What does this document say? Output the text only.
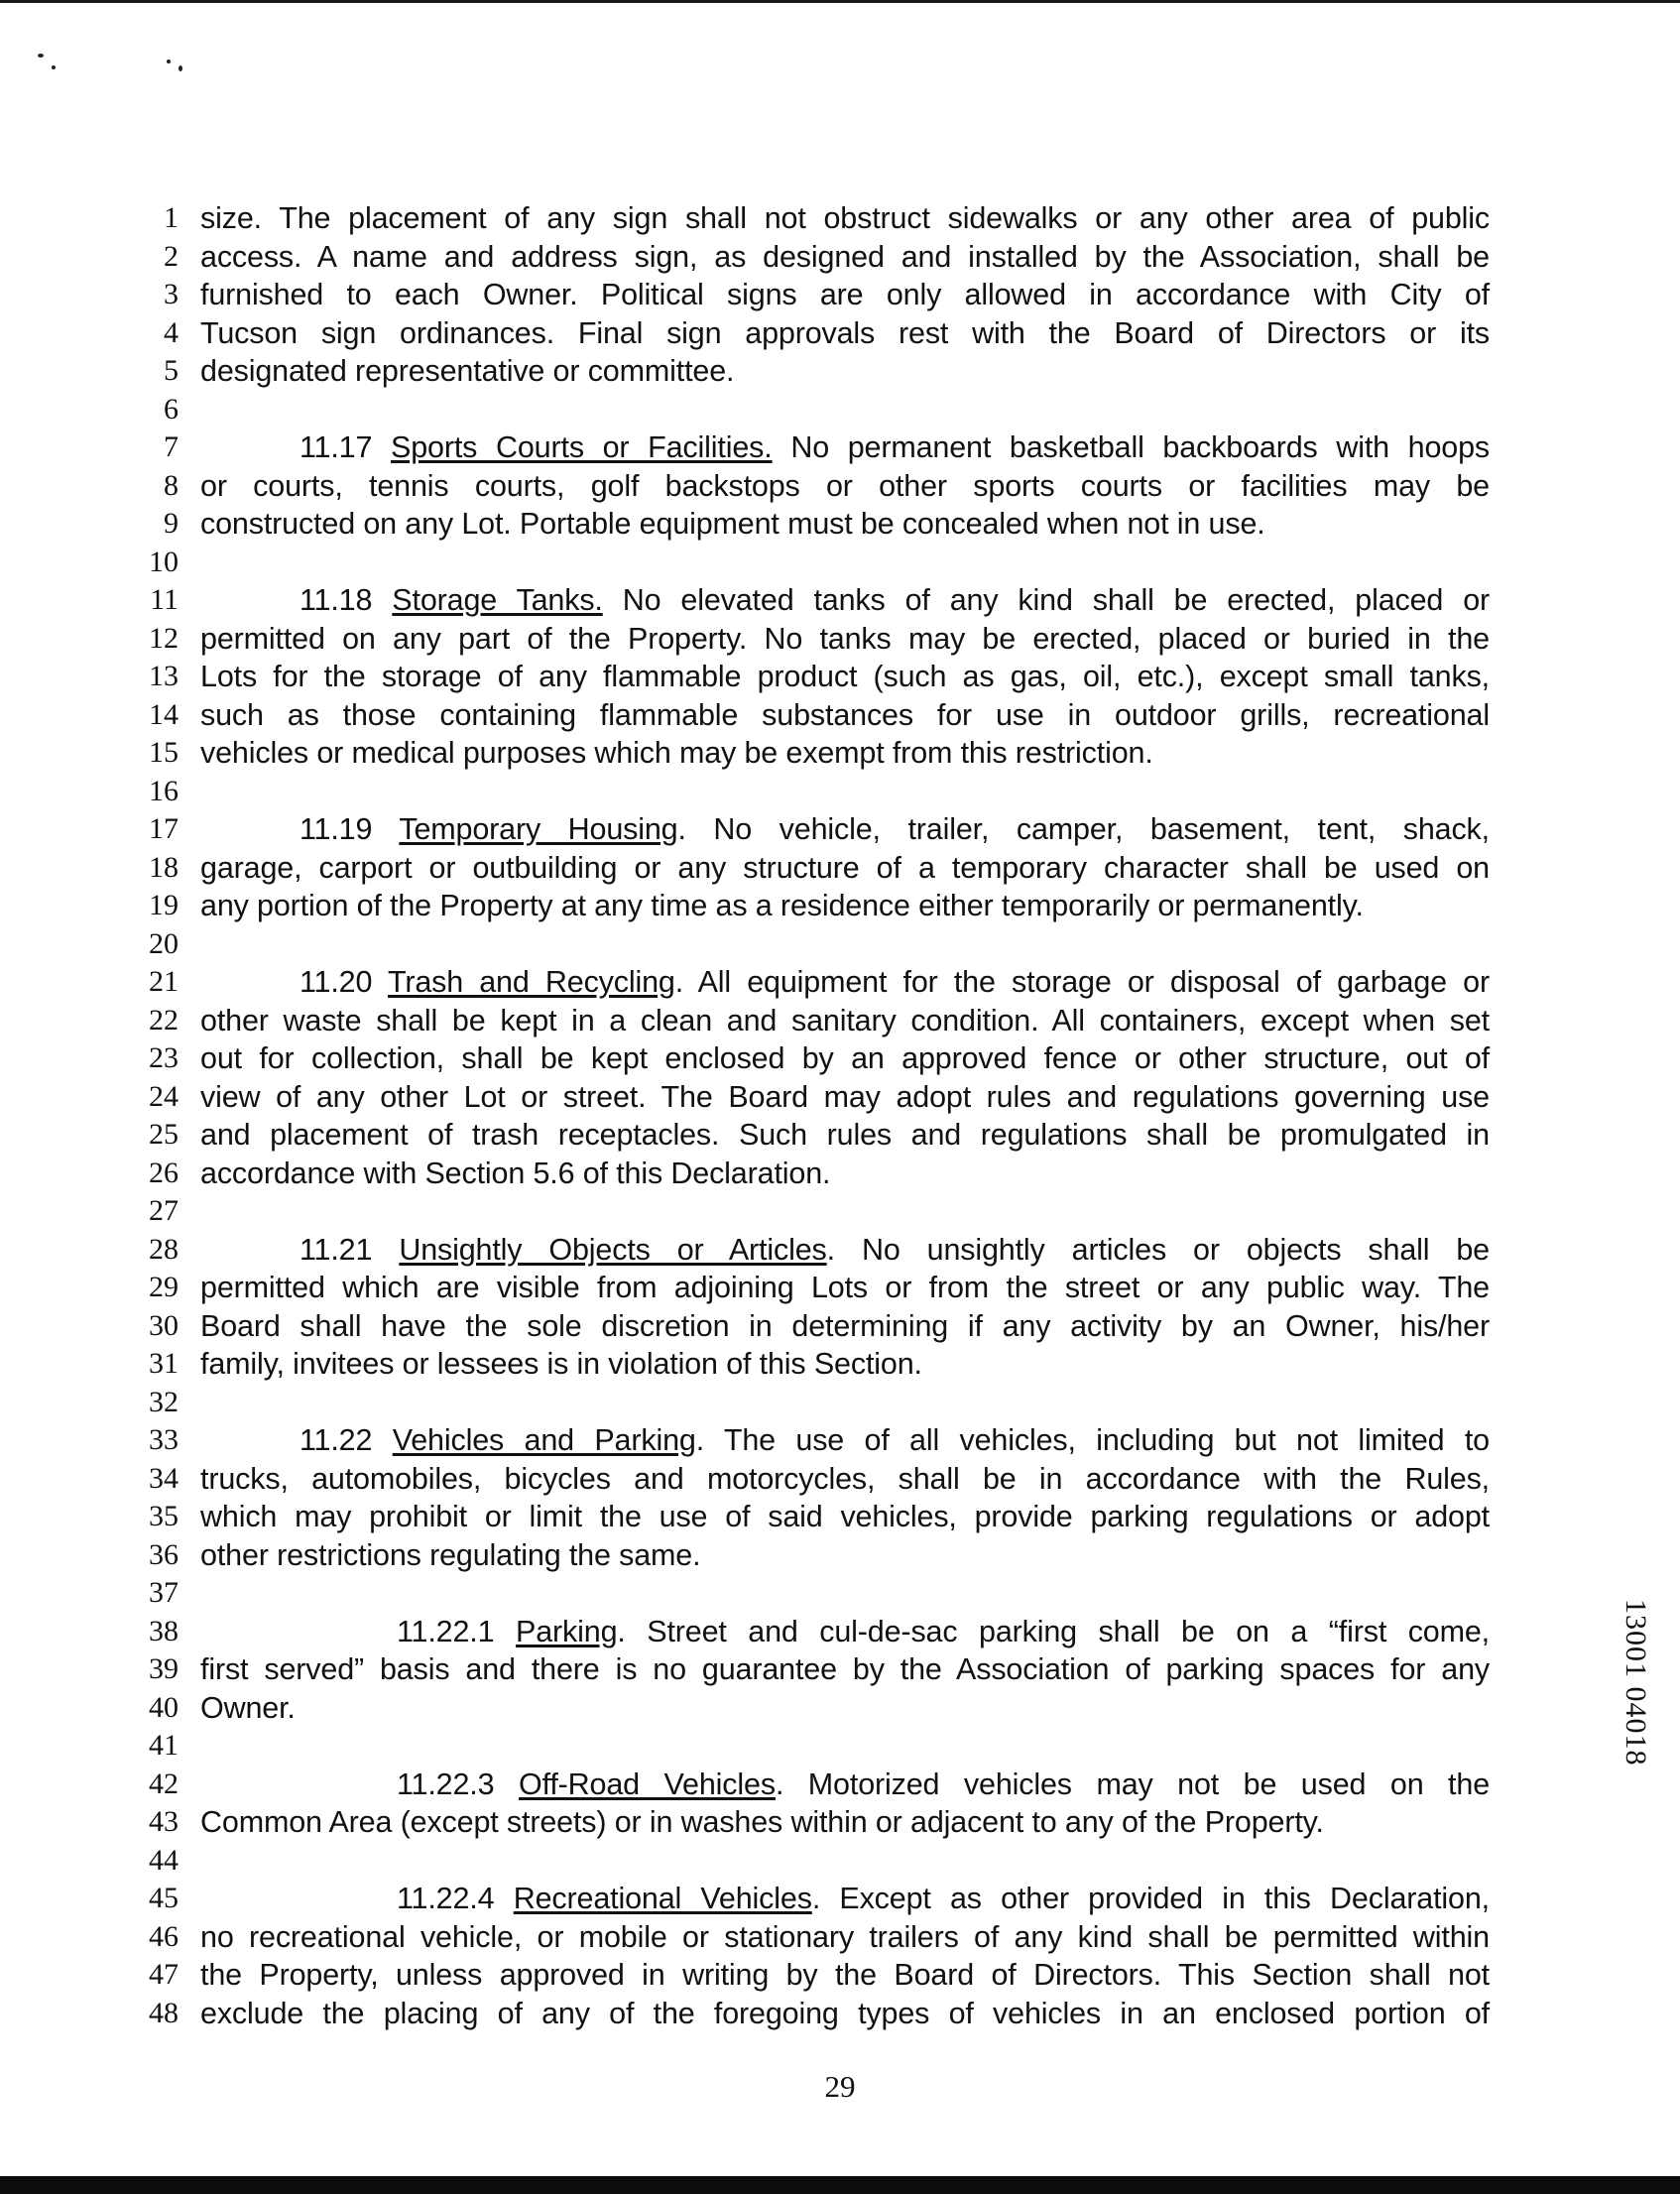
1
2
3
4
5
6
7
8
9
10
11
12
13
14
15
16
17
18
19
20
21
22
23
24
25
26
27
28
29
30
31
32
33
34
35
36
37
38
39
40
41
42
43
44
45
46
47
48
size. The placement of any sign shall not obstruct sidewalks or any other area of public
access. A name and address sign, as designed and installed by the Association, shall be
furnished to each Owner. Political signs are only allowed in accordance with City of
Tucson sign ordinances. Final sign approvals rest with the Board of Directors or its
designated representative or committee.
11.17 Sports Courts or Facilities. No permanent basketball backboards with hoops
or courts, tennis courts, golf backstops or other sports courts or facilities may be
constructed on any Lot. Portable equipment must be concealed when not in use.
11.18 Storage Tanks. No elevated tanks of any kind shall be erected, placed or
permitted on any part of the Property. No tanks may be erected, placed or buried in the
Lots for the storage of any flammable product (such as gas, oil, etc.), except small tanks,
such as those containing flammable substances for use in outdoor grills, recreational
vehicles or medical purposes which may be exempt from this restriction.
11.19 Temporary Housing. No vehicle, trailer, camper, basement, tent, shack,
garage, carport or outbuilding or any structure of a temporary character shall be used on
any portion of the Property at any time as a residence either temporarily or permanently.
11.20 Trash and Recycling. All equipment for the storage or disposal of garbage or
other waste shall be kept in a clean and sanitary condition. All containers, except when set
out for collection, shall be kept enclosed by an approved fence or other structure, out of
view of any other Lot or street. The Board may adopt rules and regulations governing use
and placement of trash receptacles. Such rules and regulations shall be promulgated in
accordance with Section 5.6 of this Declaration.
11.21 Unsightly Objects or Articles. No unsightly articles or objects shall be
permitted which are visible from adjoining Lots or from the street or any public way. The
Board shall have the sole discretion in determining if any activity by an Owner, his/her
family, invitees or lessees is in violation of this Section.
11.22 Vehicles and Parking. The use of all vehicles, including but not limited to
trucks, automobiles, bicycles and motorcycles, shall be in accordance with the Rules,
which may prohibit or limit the use of said vehicles, provide parking regulations or adopt
other restrictions regulating the same.
11.22.1 Parking. Street and cul-de-sac parking shall be on a “first come,
first served” basis and there is no guarantee by the Association of parking spaces for any
Owner.
11.22.3 Off-Road Vehicles. Motorized vehicles may not be used on the
Common Area (except streets) or in washes within or adjacent to any of the Property.
11.22.4 Recreational Vehicles. Except as other provided in this Declaration,
no recreational vehicle, or mobile or stationary trailers of any kind shall be permitted within
the Property, unless approved in writing by the Board of Directors. This Section shall not
exclude the placing of any of the foregoing types of vehicles in an enclosed portion of
13001 04018
29
